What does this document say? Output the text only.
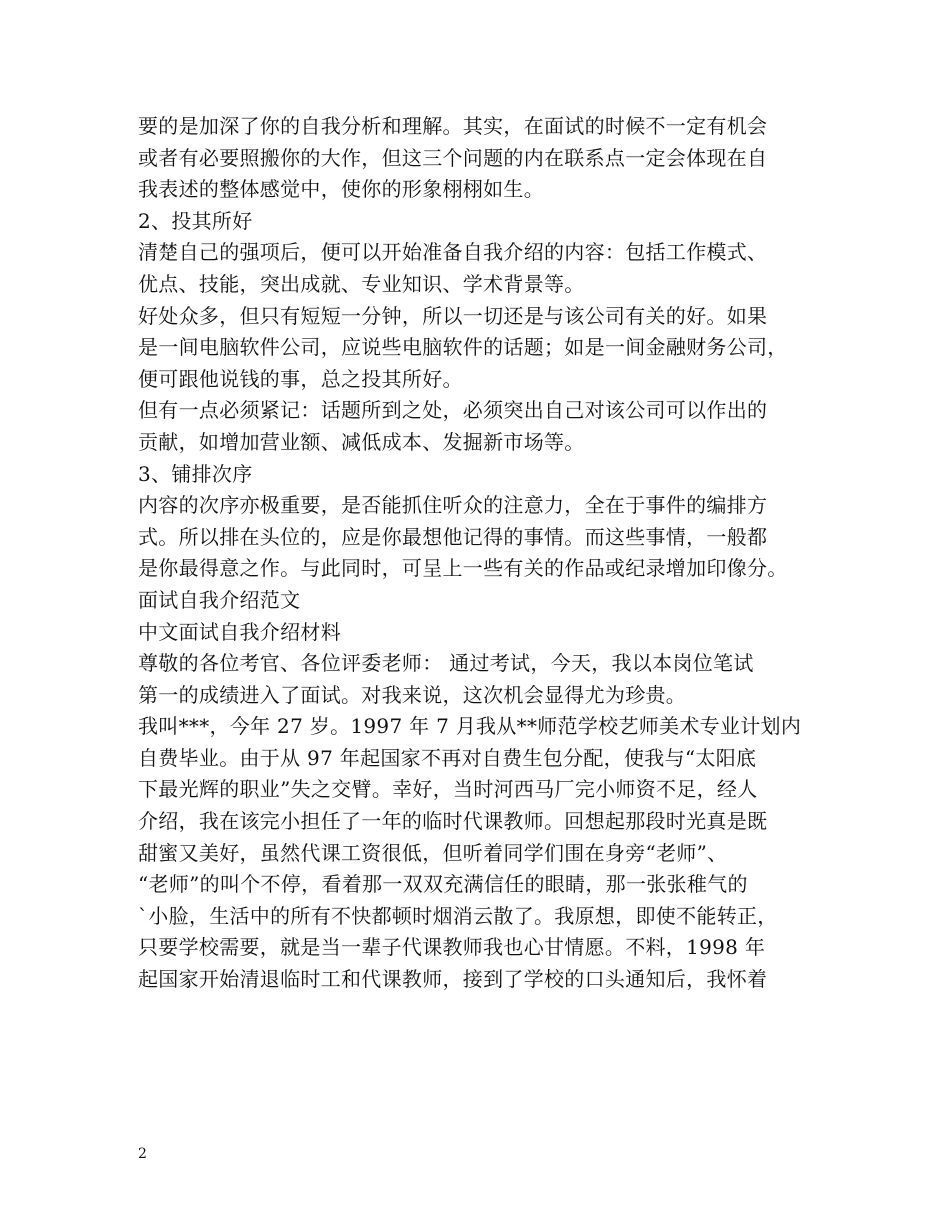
要的是加深了你的自我分析和理解。其实，在面试的时候不一定有机会
或者有必要照搬你的大作，但这三个问题的内在联系点一定会体现在自
我表述的整体感觉中，使你的形象栩栩如生。
2、投其所好
清楚自己的强项后，便可以开始准备自我介绍的内容：包括工作模式、
优点、技能，突出成就、专业知识、学术背景等。
好处众多，但只有短短一分钟，所以一切还是与该公司有关的好。如果
是一间电脑软件公司，应说些电脑软件的话题；如是一间金融财务公司，
便可跟他说钱的事，总之投其所好。
但有一点必须紧记：话题所到之处，必须突出自己对该公司可以作出的
贡献，如增加营业额、减低成本、发掘新市场等。
3、铺排次序
内容的次序亦极重要，是否能抓住听众的注意力，全在于事件的编排方
式。所以排在头位的，应是你最想他记得的事情。而这些事情，一般都
是你最得意之作。与此同时，可呈上一些有关的作品或纪录增加印像分。
面试自我介绍范文
中文面试自我介绍材料
尊敬的各位考官、各位评委老师： 通过考试，今天，我以本岗位笔试
第一的成绩进入了面试。对我来说，这次机会显得尤为珍贵。
我叫***，今年 27 岁。1997 年 7 月我从**师范学校艺师美术专业计划内
自费毕业。由于从 97 年起国家不再对自费生包分配，使我与“太阳底
下最光辉的职业”失之交臂。幸好，当时河西马厂完小师资不足，经人
介绍，我在该完小担任了一年的临时代课教师。回想起那段时光真是既
甜蜜又美好，虽然代课工资很低，但听着同学们围在身旁“老师”、
“老师”的叫个不停，看着那一双双充满信任的眼睛，那一张张稚气的
`小脸，生活中的所有不快都顿时烟消云散了。我原想，即使不能转正，
只要学校需要，就是当一辈子代课教师我也心甘情愿。不料，1998 年
起国家开始清退临时工和代课教师，接到了学校的口头通知后，我怀着
2
